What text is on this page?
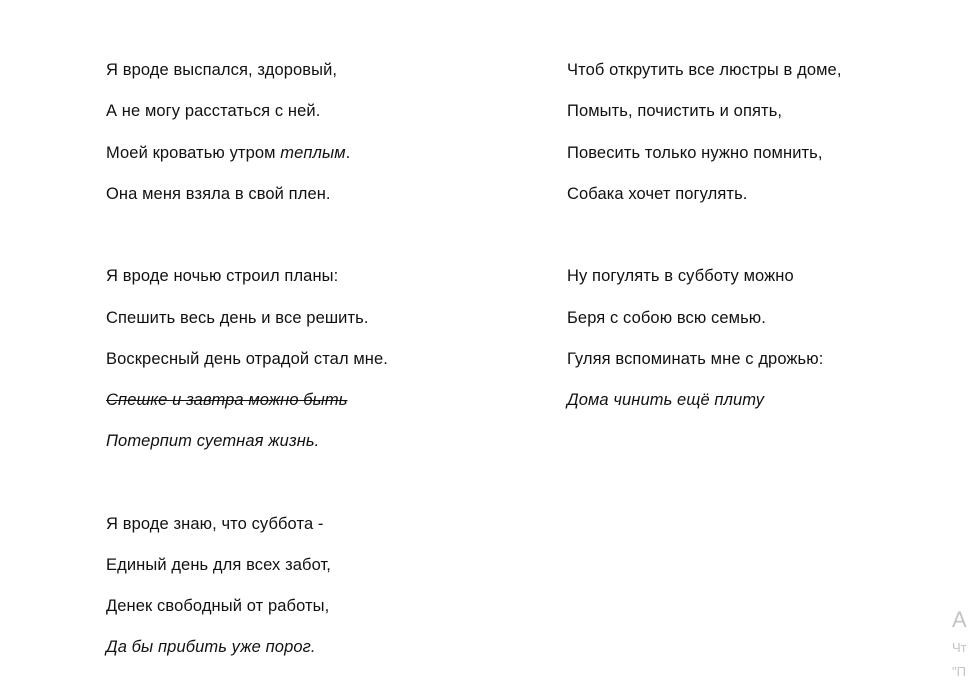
Я вроде выспался, здоровый,
А не могу расстаться с ней.
Моей кроватью утром теплым.
Она меня взяла в свой плен.
Я вроде ночью строил планы:
Спешить весь день и все решить.
Воскресный день отрадой стал мне.
Спешке и завтра можно быть
Потерпит суетная жизнь.
Я вроде знаю, что суббота -
Единый день для всех забот,
Денек свободный от работы,
Да бы прибить уже порог.
Чтоб открутить все люстры в доме,
Помыть, почистить и опять,
Повесить только нужно помнить,
Собака хочет погулять.
Ну погулять в субботу можно
Беря с собою всю семью.
Гуляя вспоминать мне с дрожью:
Дома чинить ещё плиту
А
Чт
"П
